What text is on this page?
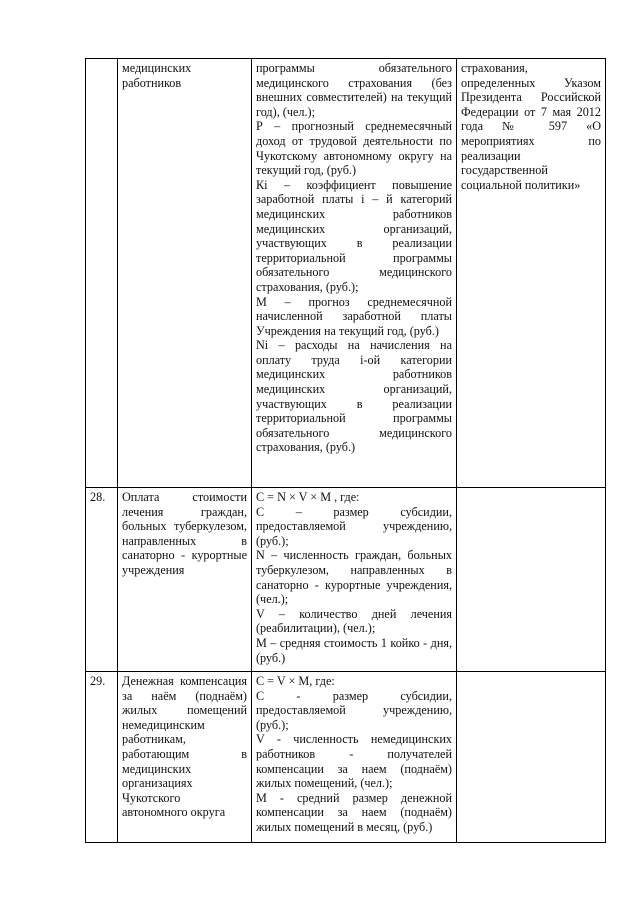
	медицинских работников	программы обязательного медицинского страхования (без внешних совместителей) на текущий год), (чел.);

Р – прогнозный среднемесячный доход от трудовой деятельности по Чукотскому автономному округу на текущий год, (руб.)

Кi – коэффициент повышение заработной платы i – й категорий медицинских работников медицинских организаций, участвующих в реализации территориальной программы обязательного медицинского страхования, (руб.);

М – прогноз среднемесячной начисленной заработной платы Учреждения на текущий год, (руб.)

Ni – расходы на начисления на оплату труда i-ой категории медицинских работников медицинских организаций, участвующих в реализации территориальной программы обязательного медицинского страхования, (руб.)	страхования, определенных Указом Президента Российской Федерации от 7 мая 2012 года № 597 «О мероприятиях по реализации государственной социальной политики»

28.	Оплата стоимости лечения граждан, больных туберкулезом, направленных в санаторно - курортные учреждения	C = N × V × M , где:

С – размер субсидии, предоставляемой учреждению, (руб.);

N – численность граждан, больных туберкулезом, направленных в санаторно - курортные учреждения, (чел.);

V – количество дней лечения (реабилитации), (чел.);

М – средняя стоимость 1 койко - дня, (руб.)	

29.	Денежная компенсация за наём (поднаём) жилых помещений немедицинским работникам, работающим в медицинских организациях Чукотского автономного округа	C = V × M, где:

С - размер субсидии, предоставляемой учреждению, (руб.);

V - численность немедицинских работников - получателей компенсации за наем (поднаём) жилых помещений, (чел.);

М - средний размер денежной компенсации за наем (поднаём) жилых помещений в месяц, (руб.)	
